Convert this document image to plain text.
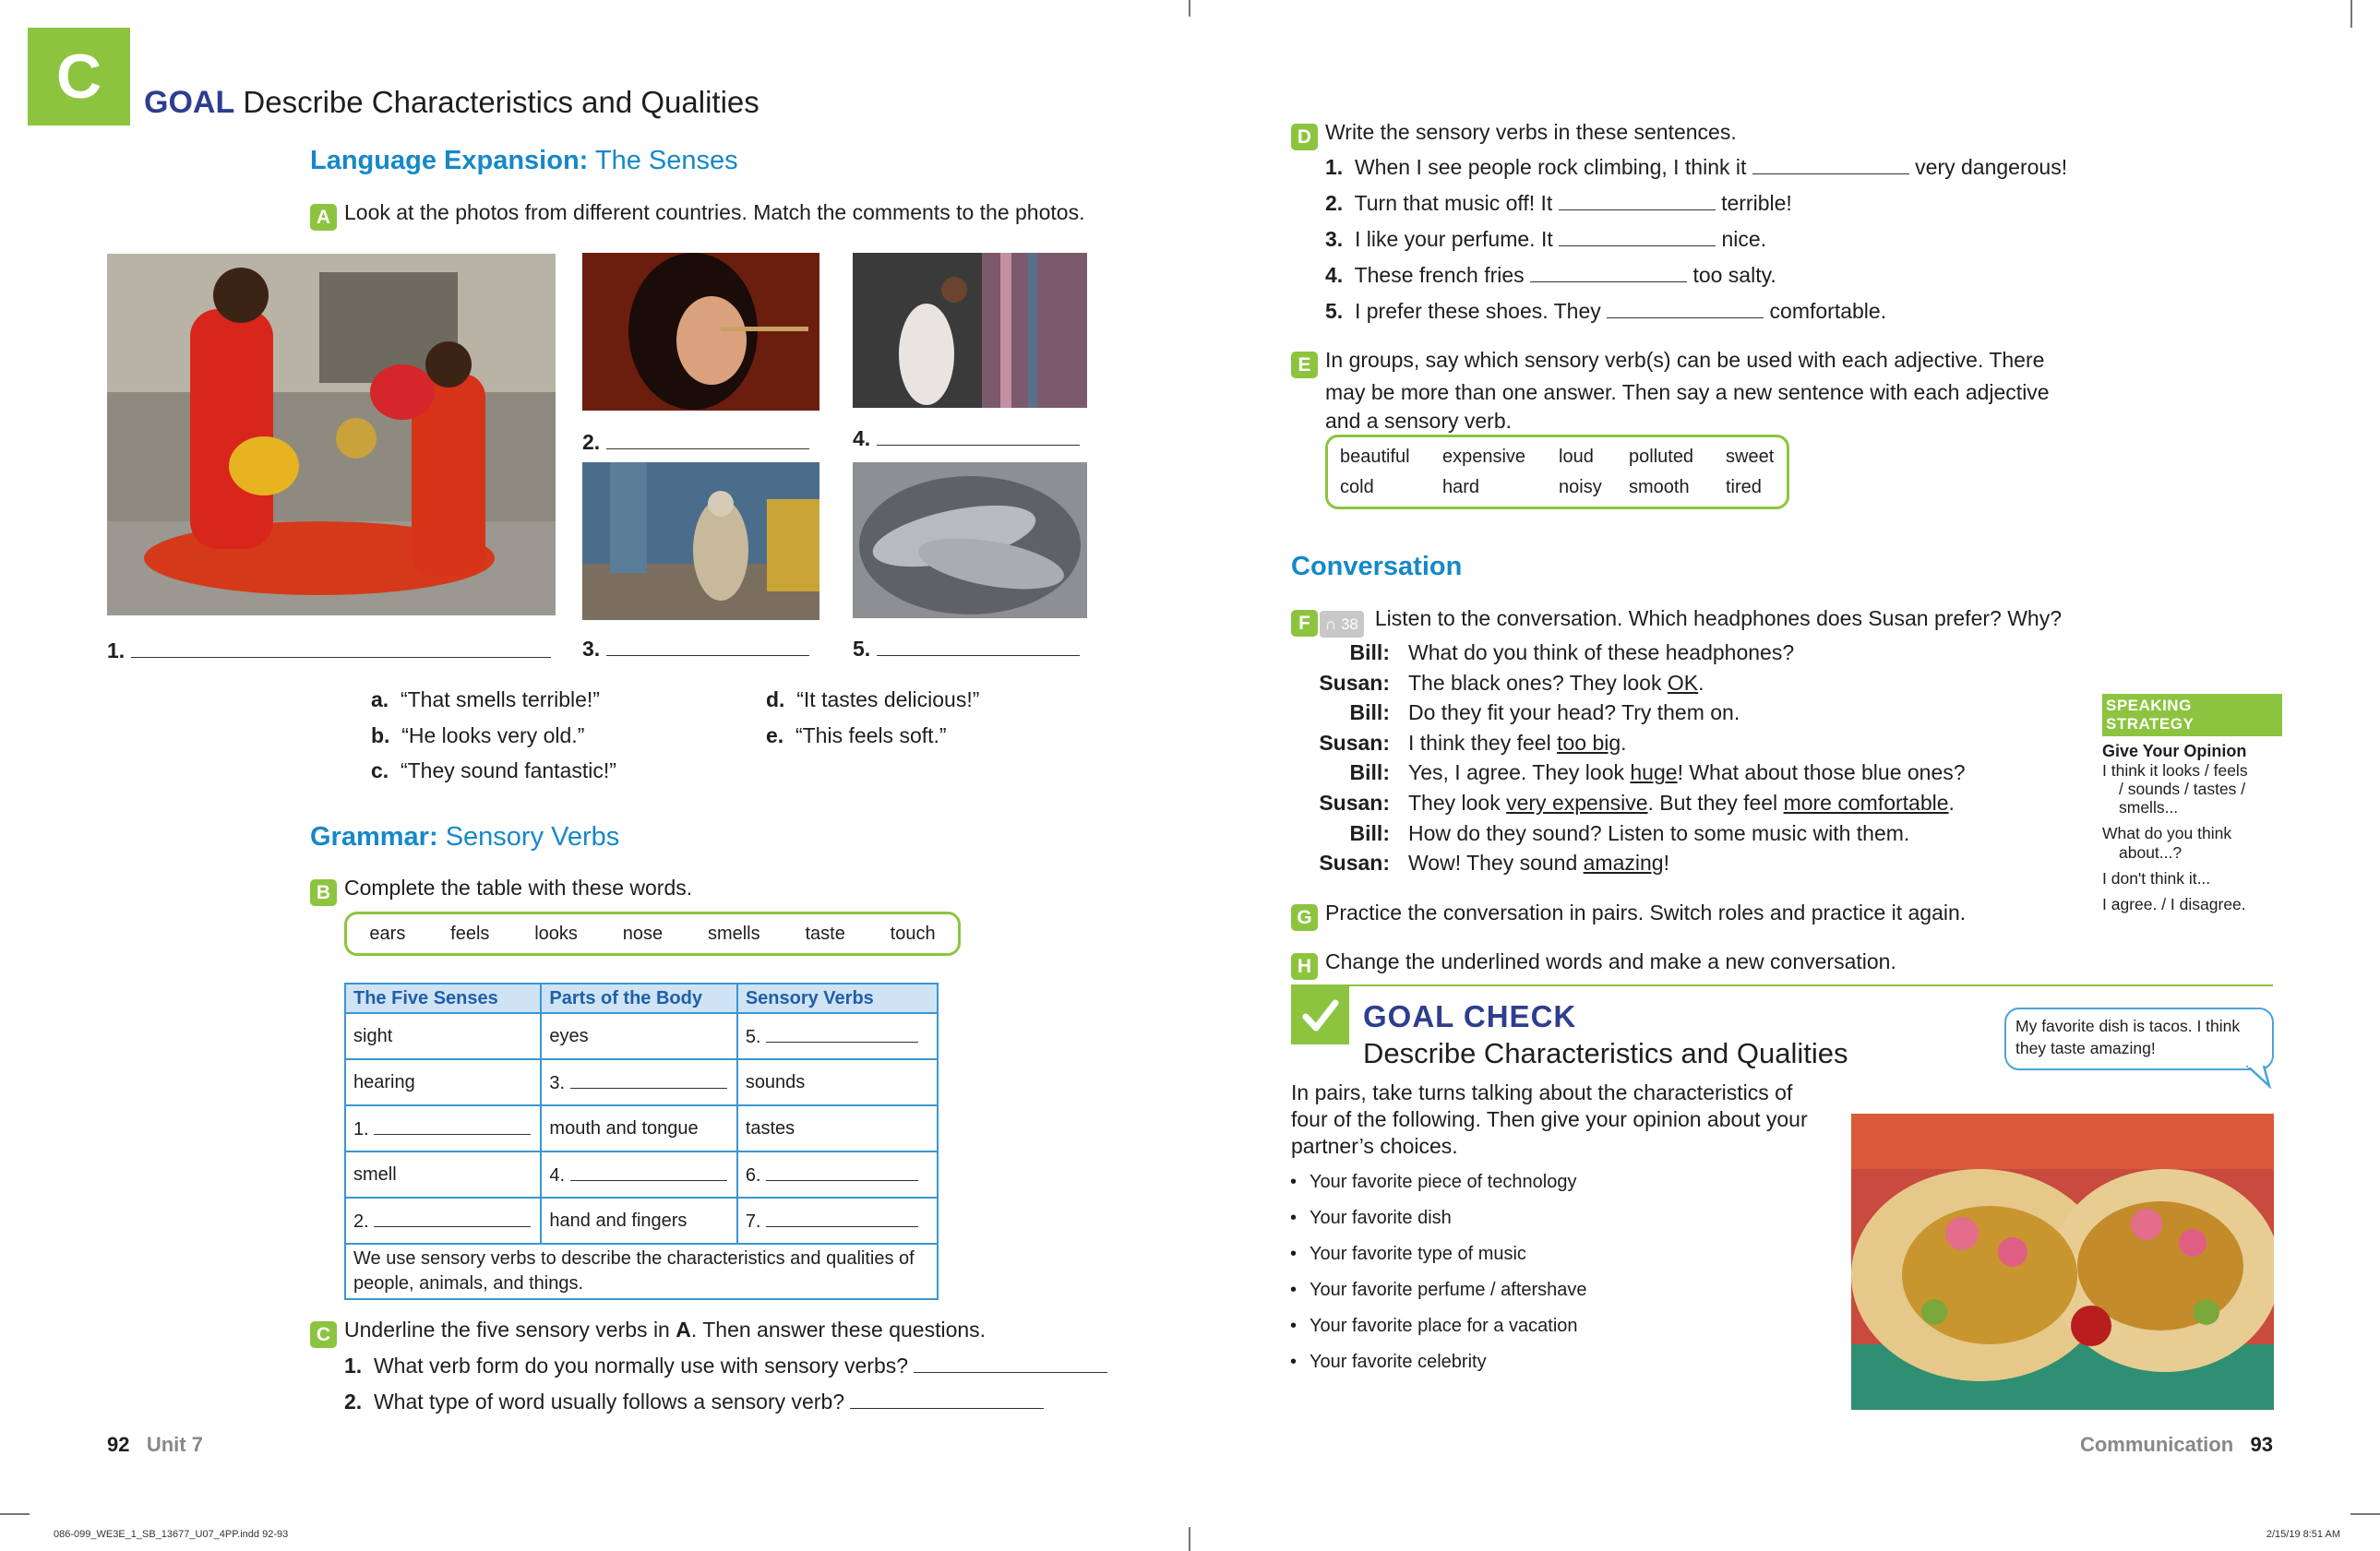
C	GOAL Describe Characteristics and Qualities
Language Expansion: The Senses
A Look at the photos from different countries. Match the comments to the photos.
1.
2.
3.
4.
5.
a. “That smells terrible!”
b. “He looks very old.”
c. “They sound fantastic!”
d. “It tastes delicious!”
e. “This feels soft.”
Grammar: Sensory Verbs
B Complete the table with these words.
ears feels looks nose smells taste touch
The Five Senses	Parts of the Body	Sensory Verbs
sight	eyes	5.
hearing	3.	sounds
1.	mouth and tongue	tastes
smell	4.	6.
2.	hand and fingers	7.
We use sensory verbs to describe the characteristics and qualities of people, animals, and things.		
C Underline the five sensory verbs in A. Then answer these questions.
1. What verb form do you normally use with sensory verbs?
2. What type of word usually follows a sensory verb?
92 Unit 7
086-099_WE3E_1_SB_13677_U07_4PP.indd 92-93
D Write the sensory verbs in these sentences.
1. When I see people rock climbing, I think it	very dangerous!
2. Turn that music off! It	terrible!
3. I like your perfume. It	nice.
4. These french fries	too salty.
5. I prefer these shoes. They	comfortable.
E In groups, say which sensory verb(s) can be used with each adjective. There may be more than one answer. Then say a new sentence with each adjective and a sensory verb.
beautiful expensive loud polluted sweet
cold	hard	noisy smooth tired
Conversation
F ∩ 38 Listen to the conversation. Which headphones does Susan prefer? Why?
Bill: What do you think of these headphones?
Susan: The black ones? They look OK.
Bill: Do they fit your head? Try them on.
Susan: I think they feel too big.
Bill: Yes, I agree. They look huge! What about those blue ones?
Susan: They look very expensive. But they feel more comfortable.
Bill: How do they sound? Listen to some music with them.
Susan: Wow! They sound amazing!
SPEAKING STRATEGY
Give Your Opinion
I think it looks / feels
/ sounds / tastes /
smells...
What do you think
about...?
I don't think it...
I agree. / I disagree.
G Practice the conversation in pairs. Switch roles and practice it again.
H Change the underlined words and make a new conversation.
GOAL CHECK
Describe Characteristics and Qualities
My favorite dish is tacos. I think they taste amazing!
In pairs, take turns talking about the characteristics of four of the following. Then give your opinion about your partner’s choices.
• Your favorite piece of technology
• Your favorite dish
• Your favorite type of music
• Your favorite perfume / aftershave
• Your favorite place for a vacation
• Your favorite celebrity
Communication 93
2/15/19 8:51 AM
